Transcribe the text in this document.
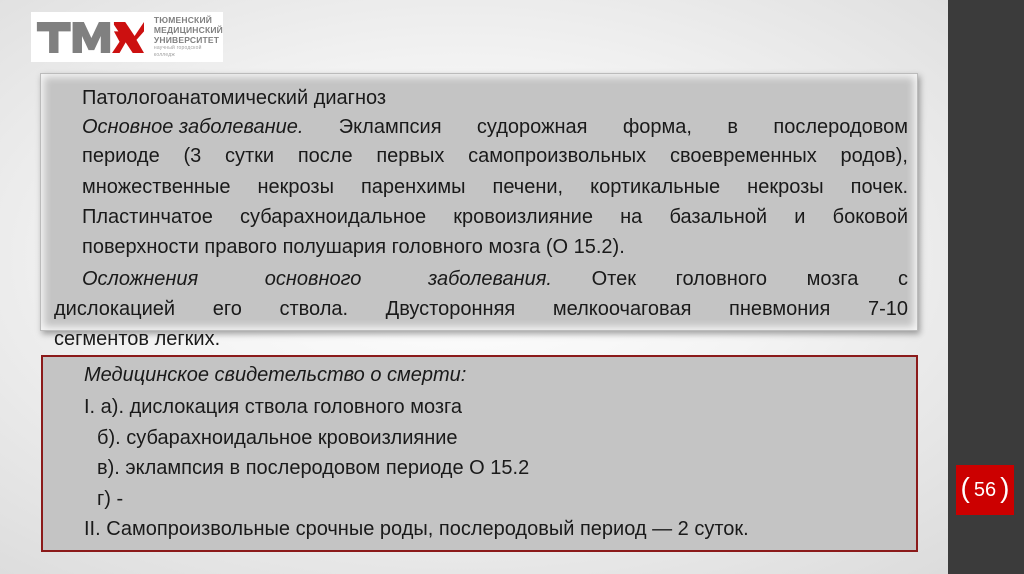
( 56 )
ТЮМЕНСКИЙ
МЕДИЦИНСКИЙ
УНИВЕРСИТЕТ
научный городской колледж
Патологоанатомический диагноз
Основное заболевание. Эклампсия судорожная форма, в послеродовом
периоде (3 сутки после первых самопроизвольных своевременных родов),
множественные некрозы паренхимы печени, кортикальные некрозы почек.
Пластинчатое субарахноидальное кровоизлияние на базальной и боковой
поверхности правого полушария головного мозга (О 15.2).
Осложнения основного заболевания. Отек головного мозга с
дислокацией его ствола. Двусторонняя мелкоочаговая пневмония 7-10
сегментов легких.
Медицинское свидетельство о смерти:
I. а). дислокация ствола головного мозга
б). субарахноидальное кровоизлияние
в). эклампсия в послеродовом периоде О 15.2
г) -
II. Самопроизвольные срочные роды, послеродовый период — 2 суток.
